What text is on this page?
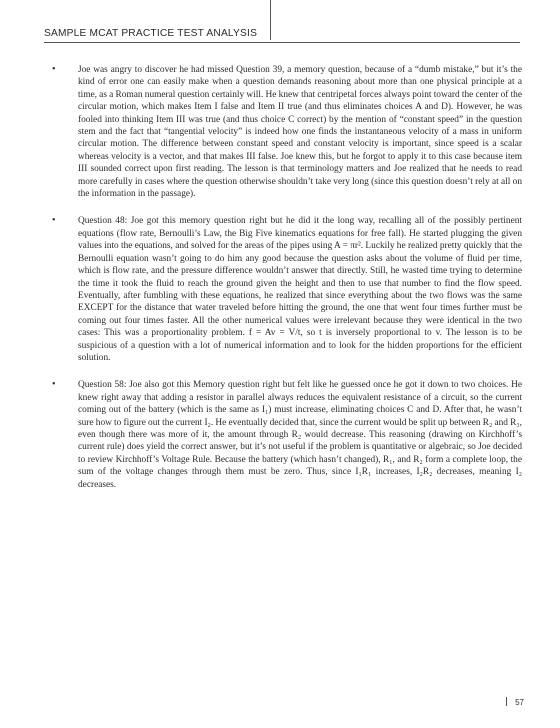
SAMPLE MCAT PRACTICE TEST ANALYSIS
• Joe was angry to discover he had missed Question 39, a memory question, because of a “dumb mistake,” but it’s the kind of error one can easily make when a question demands reasoning about more than one physical principle at a time, as a Roman numeral question certainly will. He knew that centripetal forces always point toward the center of the circular motion, which makes Item I false and Item II true (and thus eliminates choices A and D). However, he was fooled into thinking Item III was true (and thus choice C correct) by the mention of “constant speed” in the question stem and the fact that “tangential velocity” is indeed how one finds the instantaneous velocity of a mass in uniform circular motion. The difference between constant speed and constant velocity is important, since speed is a scalar whereas velocity is a vector, and that makes III false. Joe knew this, but he forgot to apply it to this case because item III sounded correct upon first reading. The lesson is that terminology matters and Joe realized that he needs to read more carefully in cases where the question otherwise shouldn’t take very long (since this question doesn’t rely at all on the information in the passage).
• Question 48: Joe got this memory question right but he did it the long way, recalling all of the possibly pertinent equations (flow rate, Bernoulli’s Law, the Big Five kinematics equations for free fall). He started plugging the given values into the equations, and solved for the areas of the pipes using A = πr². Luckily he realized pretty quickly that the Bernoulli equation wasn’t going to do him any good because the question asks about the volume of fluid per time, which is flow rate, and the pressure difference wouldn’t answer that directly. Still, he wasted time trying to determine the time it took the fluid to reach the ground given the height and then to use that number to find the flow speed. Eventually, after fumbling with these equations, he realized that since everything about the two flows was the same EXCEPT for the distance that water traveled before hitting the ground, the one that went four times further must be coming out four times faster. All the other numerical values were irrelevant because they were identical in the two cases: This was a proportionality problem. f = Av = V/t, so t is inversely proportional to v. The lesson is to be suspicious of a question with a lot of numerical information and to look for the hidden proportions for the efficient solution.
• Question 58: Joe also got this Memory question right but felt like he guessed once he got it down to two choices. He knew right away that adding a resistor in parallel always reduces the equivalent resistance of a circuit, so the current coming out of the battery (which is the same as I₁) must increase, eliminating choices C and D. After that, he wasn’t sure how to figure out the current I₂. He eventually decided that, since the current would be split up between R₂ and R₃, even though there was more of it, the amount through R₂ would decrease. This reasoning (drawing on Kirchhoff’s current rule) does yield the correct answer, but it’s not useful if the problem is quantitative or algebraic, so Joe decided to review Kirchhoff’s Voltage Rule. Because the battery (which hasn’t changed), R₁, and R₂ form a complete loop, the sum of the voltage changes through them must be zero. Thus, since I₁R₁ increases, I₂R₂ decreases, meaning I₂ decreases.
57
